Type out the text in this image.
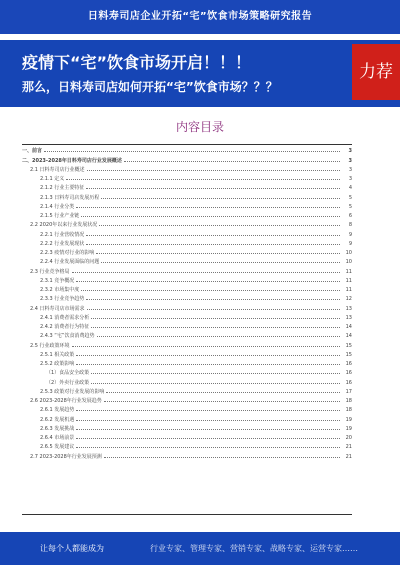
日料寿司店企业开拓“宅”饮食市场策略研究报告
疫情下“宅”饮食市场开启！！！
那么，日料寿司店如何开拓“宅”饮食市场？？？
力荐
内容目录
一、前言	3
二、2023-2028年日料寿司店行业发展概述	3
2.1 日料寿司店行业概述	3
2.1.1 定义	3
2.1.2 行业主要特征	4
2.1.3 日料寿司店发展历程	5
2.1.4 行业分类	5
2.1.5 行业产业链	6
2.2 2020年以来行业发展状况	8
2.2.1 行业营收情况	9
2.2.2 行业发展现状	9
2.2.3 疫情对行业的影响	10
2.2.4 行业发展面临的问题	10
2.3 行业竞争格局	11
2.3.1 竞争概况	11
2.3.2 市场集中度	11
2.3.3 行业竞争趋势	12
2.4 日料寿司店市场需求	13
2.4.1 消费者需求分析	13
2.4.2 消费者行为特征	14
2.4.3 “宅”饮食消费趋势	14
2.5 行业政策环境	15
2.5.1 相关政策	15
2.5.2 政策影响	16
（1）食品安全政策	16
（2）外卖行业政策	16
2.5.3 政策对行业发展的影响	17
2.6 2023-2028年行业发展趋势	18
2.6.1 发展趋势	18
2.6.2 发展机遇	19
2.6.3 发展挑战	19
2.6.4 市场前景	20
2.6.5 发展建议	21
2.7 2023-2028年行业发展预测	21
让每个人都能成为	行业专家、管理专家、营销专家、战略专家、运营专家……
